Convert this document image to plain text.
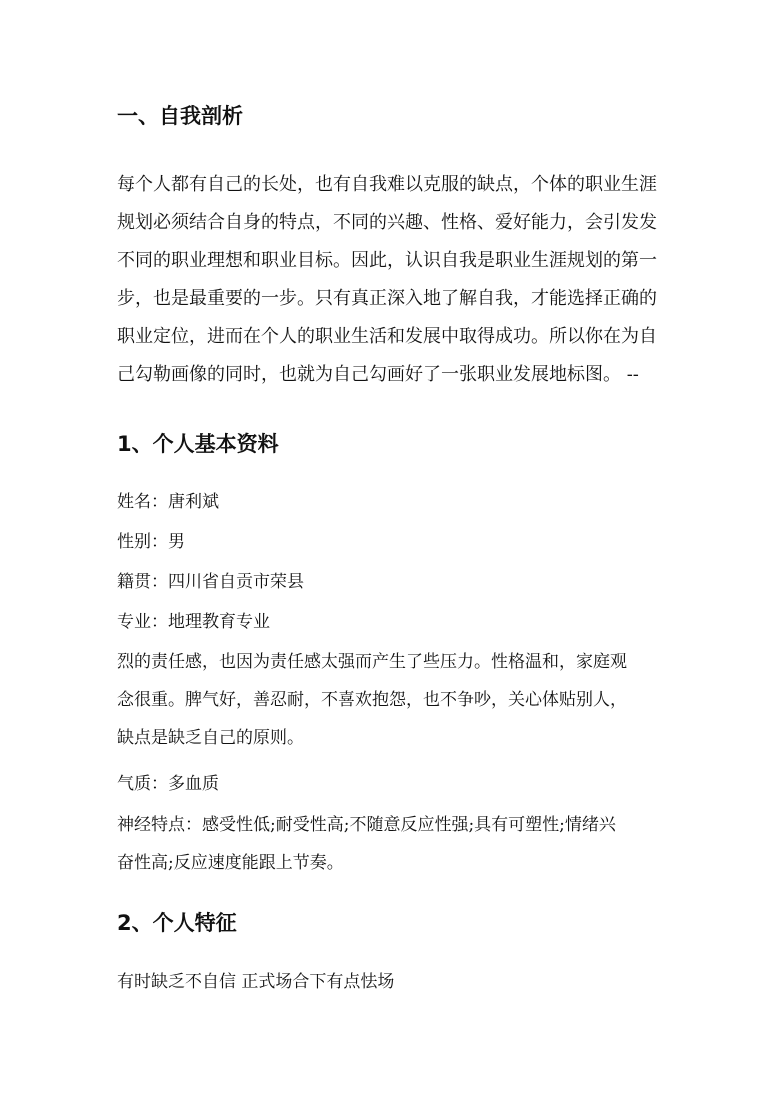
一、自我剖析
每个人都有自己的长处，也有自我难以克服的缺点，个体的职业生涯
规划必须结合自身的特点，不同的兴趣、性格、爱好能力，会引发发
不同的职业理想和职业目标。因此，认识自我是职业生涯规划的第一
步，也是最重要的一步。只有真正深入地了解自我，才能选择正确的
职业定位，进而在个人的职业生活和发展中取得成功。所以你在为自
己勾勒画像的同时，也就为自己勾画好了一张职业发展地标图。 --
1、个人基本资料
姓名：唐利斌
性别：男
籍贯：四川省自贡市荣县
专业：地理教育专业
烈的责任感，也因为责任感太强而产生了些压力。性格温和，家庭观
念很重。脾气好，善忍耐，不喜欢抱怨，也不争吵，关心体贴别人，
缺点是缺乏自己的原则。
气质：多血质
神经特点：感受性低;耐受性高;不随意反应性强;具有可塑性;情绪兴
奋性高;反应速度能跟上节奏。
2、个人特征
有时缺乏不自信 正式场合下有点怯场
